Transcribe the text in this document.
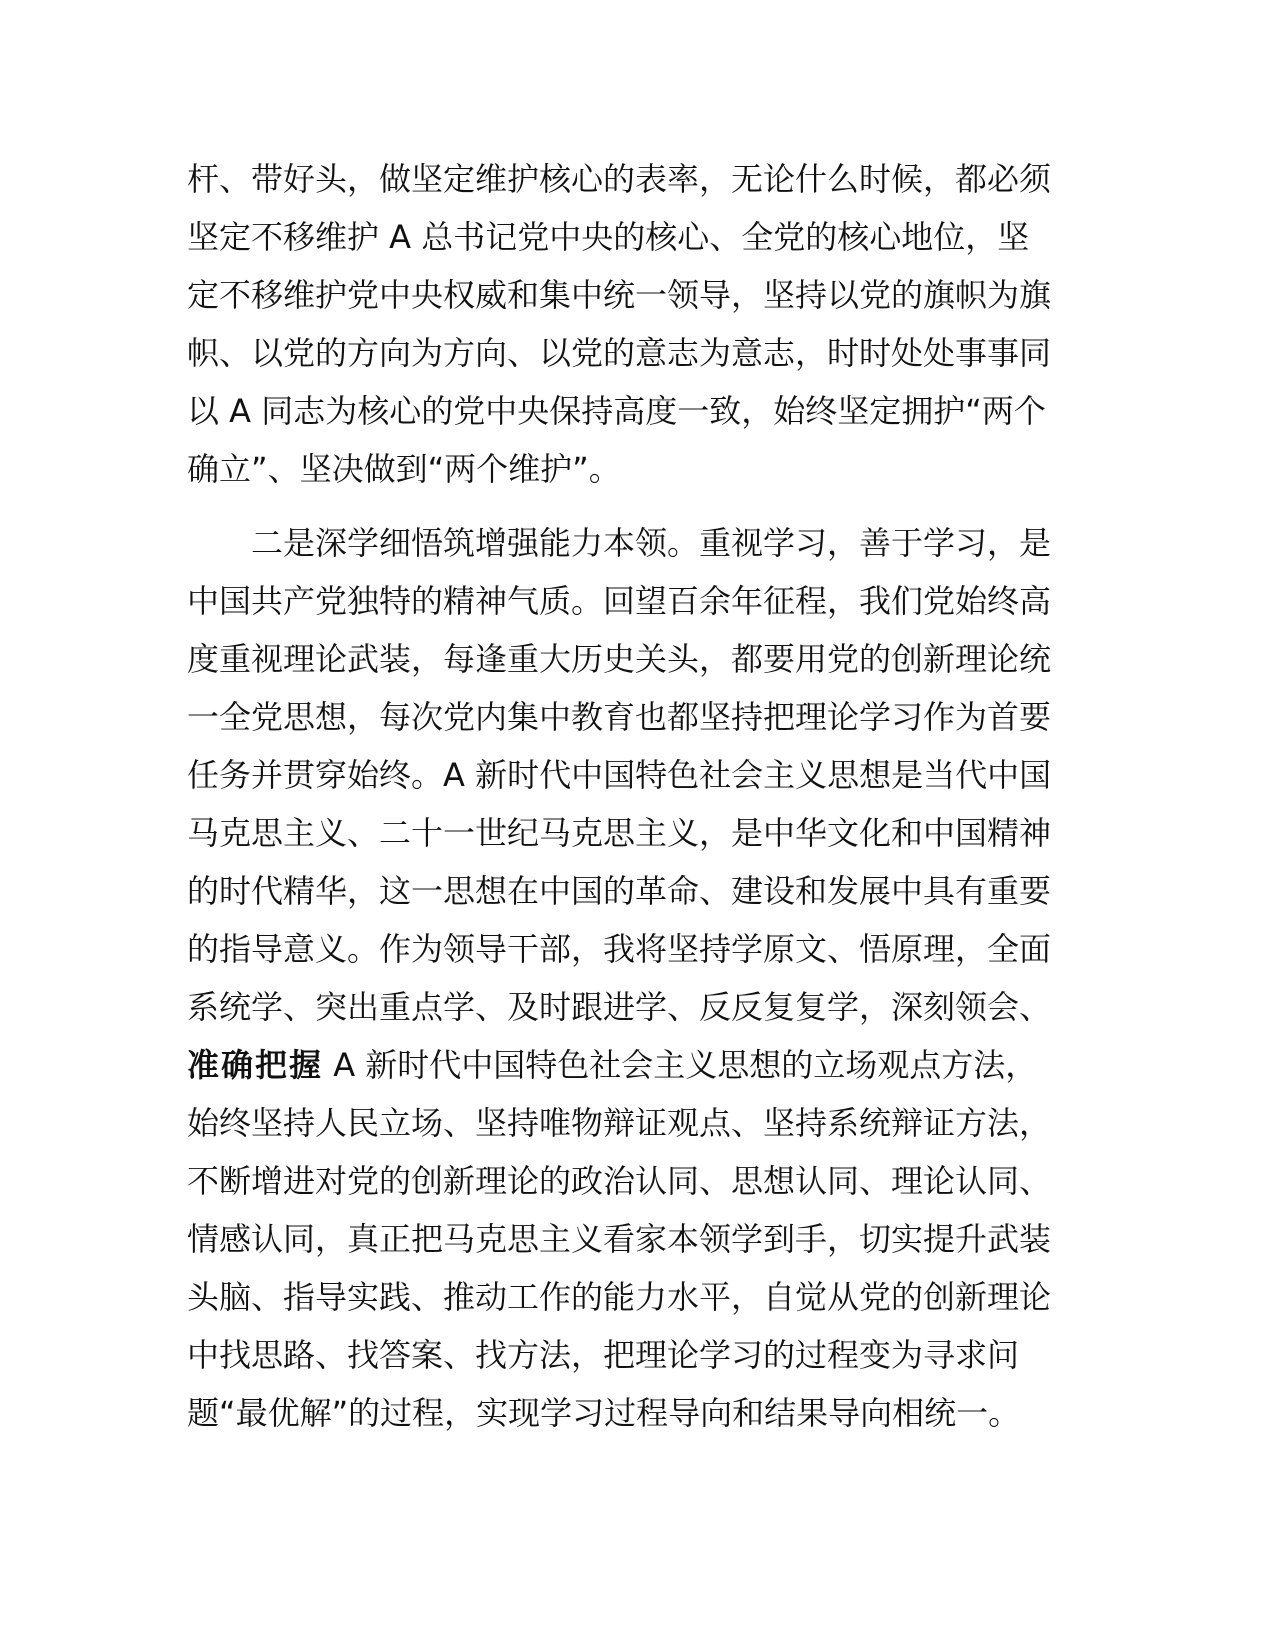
杆、带好头，做坚定维护核心的表率，无论什么时候，都必须
坚定不移维护 A 总书记党中央的核心、全党的核心地位，坚
定不移维护党中央权威和集中统一领导，坚持以党的旗帜为旗
帜、以党的方向为方向、以党的意志为意志，时时处处事事同
以 A 同志为核心的党中央保持高度一致，始终坚定拥护“两个
确立”、坚决做到“两个维护”。
　　二是深学细悟筑增强能力本领。重视学习，善于学习，是
中国共产党独特的精神气质。回望百余年征程，我们党始终高
度重视理论武装，每逢重大历史关头，都要用党的创新理论统
一全党思想，每次党内集中教育也都坚持把理论学习作为首要
任务并贯穿始终。A 新时代中国特色社会主义思想是当代中国
马克思主义、二十一世纪马克思主义，是中华文化和中国精神
的时代精华，这一思想在中国的革命、建设和发展中具有重要
的指导意义。作为领导干部，我将坚持学原文、悟原理，全面
系统学、突出重点学、及时跟进学、反反复复学，深刻领会、
准确把握 A 新时代中国特色社会主义思想的立场观点方法，
始终坚持人民立场、坚持唯物辩证观点、坚持系统辩证方法，
不断增进对党的创新理论的政治认同、思想认同、理论认同、
情感认同，真正把马克思主义看家本领学到手，切实提升武装
头脑、指导实践、推动工作的能力水平，自觉从党的创新理论
中找思路、找答案、找方法，把理论学习的过程变为寻求问
题“最优解”的过程，实现学习过程导向和结果导向相统一。
